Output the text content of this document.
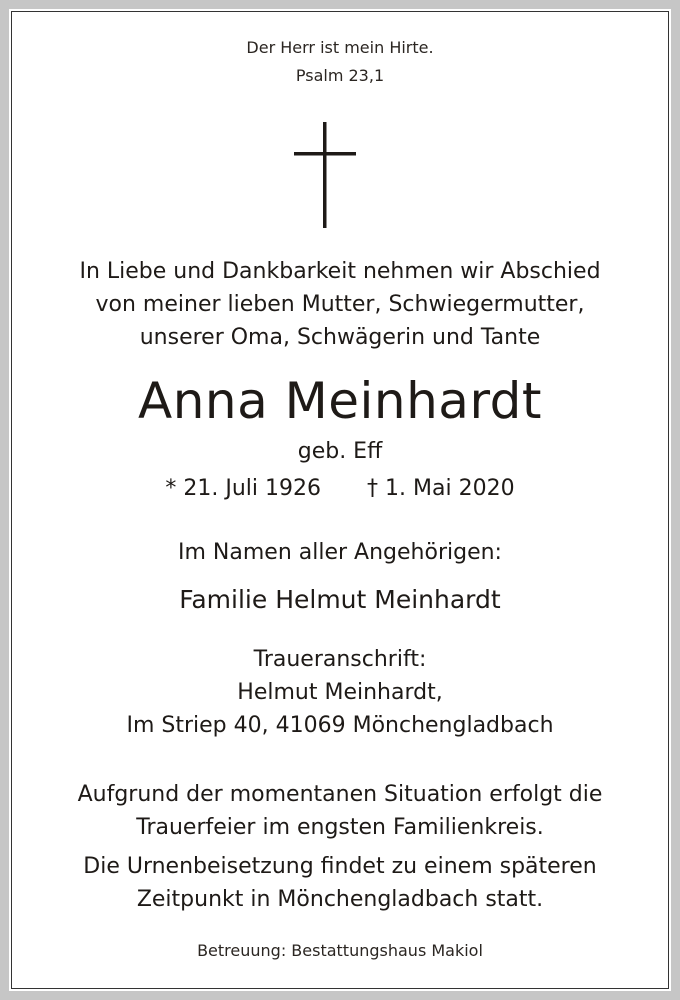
Der Herr ist mein Hirte.
Psalm 23,1
In Liebe und Dankbarkeit nehmen wir Abschied
von meiner lieben Mutter, Schwiegermutter,
unserer Oma, Schwägerin und Tante
Anna Meinhardt
geb. Eff
* 21. Juli 1926 † 1. Mai 2020
Im Namen aller Angehörigen:
Familie Helmut Meinhardt
Traueranschrift:
Helmut Meinhardt,
Im Striep 40, 41069 Mönchengladbach
Aufgrund der momentanen Situation erfolgt die
Trauerfeier im engsten Familienkreis.
Die Urnenbeisetzung findet zu einem späteren
Zeitpunkt in Mönchengladbach statt.
Betreuung: Bestattungshaus Makiol
